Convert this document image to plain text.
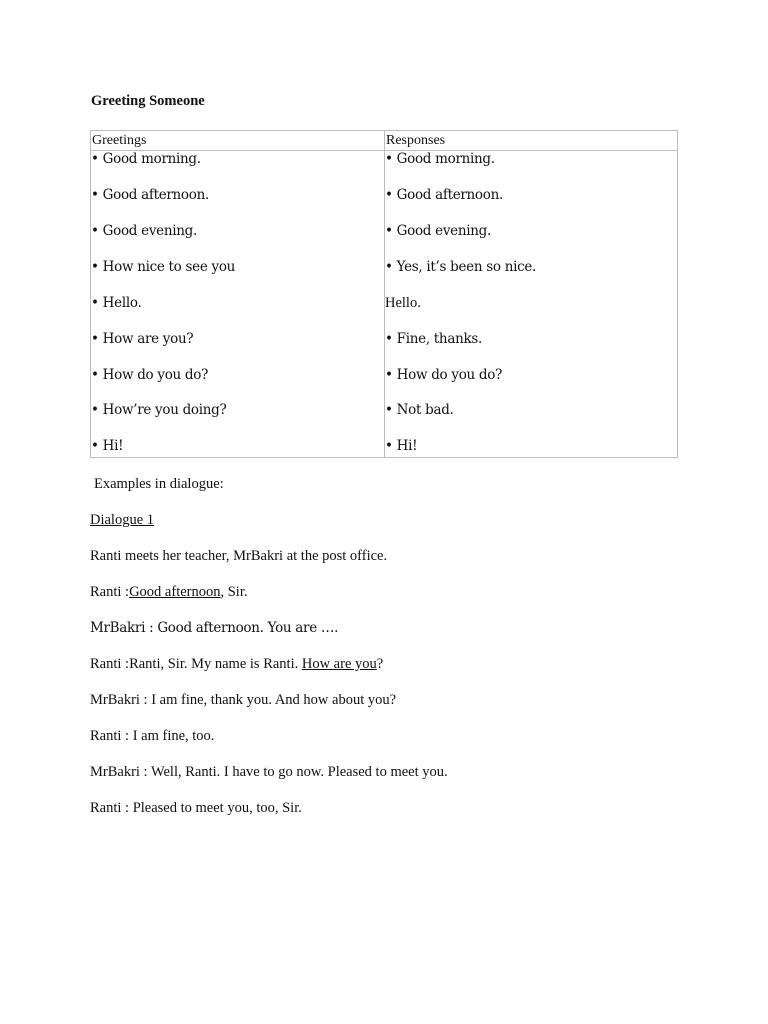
Greeting Someone
Greetings	Responses
• Good morning.	• Good morning.
• Good afternoon.	• Good afternoon.
• Good evening.	• Good evening.
• How nice to see you	• Yes, it’s been so nice.
• Hello.	Hello.
• How are you?	• Fine, thanks.
• How do you do?	• How do you do?
• How’re you doing?	• Not bad.
• Hi!	• Hi!
Examples in dialogue:
Dialogue 1
Ranti meets her teacher, MrBakri at the post office.
Ranti :Good afternoon, Sir.
MrBakri : Good afternoon. You are ….
Ranti :Ranti, Sir. My name is Ranti. How are you?
MrBakri : I am fine, thank you. And how about you?
Ranti : I am fine, too.
MrBakri : Well, Ranti. I have to go now. Pleased to meet you.
Ranti : Pleased to meet you, too, Sir.
